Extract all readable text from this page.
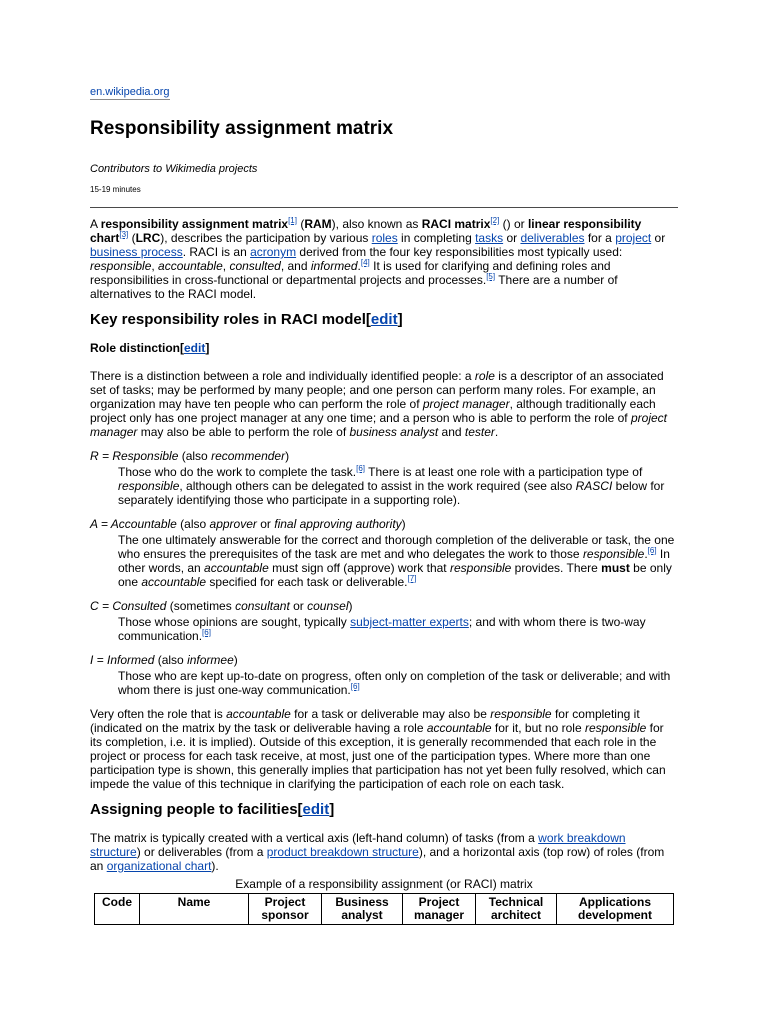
en.wikipedia.org
Responsibility assignment matrix
Contributors to Wikimedia projects
15-19 minutes

A responsibility assignment matrix[1] (RAM), also known as RACI matrix[2] () or linear responsibility chart[3] (LRC), describes the participation by various roles in completing tasks or deliverables for a project or business process. RACI is an acronym derived from the four key responsibilities most typically used: responsible, accountable, consulted, and informed.[4] It is used for clarifying and defining roles and responsibilities in cross-functional or departmental projects and processes.[5] There are a number of alternatives to the RACI model.

Key responsibility roles in RACI model[edit]
Role distinction[edit]

There is a distinction between a role and individually identified people: a role is a descriptor of an associated set of tasks; may be performed by many people; and one person can perform many roles. For example, an organization may have ten people who can perform the role of project manager, although traditionally each project only has one project manager at any one time; and a person who is able to perform the role of project manager may also be able to perform the role of business analyst and tester.

R = Responsible (also recommender)
Those who do the work to complete the task.[6] There is at least one role with a participation type of responsible, although others can be delegated to assist in the work required (see also RASCI below for separately identifying those who participate in a supporting role).
A = Accountable (also approver or final approving authority)
The one ultimately answerable for the correct and thorough completion of the deliverable or task, the one who ensures the prerequisites of the task are met and who delegates the work to those responsible.[6] In other words, an accountable must sign off (approve) work that responsible provides. There must be only one accountable specified for each task or deliverable.[7]
C = Consulted (sometimes consultant or counsel)
Those whose opinions are sought, typically subject-matter experts; and with whom there is two-way communication.[6]
I = Informed (also informee)
Those who are kept up-to-date on progress, often only on completion of the task or deliverable; and with whom there is just one-way communication.[6]

Very often the role that is accountable for a task or deliverable may also be responsible for completing it (indicated on the matrix by the task or deliverable having a role accountable for it, but no role responsible for its completion, i.e. it is implied). Outside of this exception, it is generally recommended that each role in the project or process for each task receive, at most, just one of the participation types. Where more than one participation type is shown, this generally implies that participation has not yet been fully resolved, which can impede the value of this technique in clarifying the participation of each role on each task.

Assigning people to facilities[edit]

The matrix is typically created with a vertical axis (left-hand column) of tasks (from a work breakdown structure) or deliverables (from a product breakdown structure), and a horizontal axis (top row) of roles (from an organizational chart).

Example of a responsibility assignment (or RACI) matrix
Code	Name	Project sponsor	Business analyst	Project manager	Technical architect	Applications development
